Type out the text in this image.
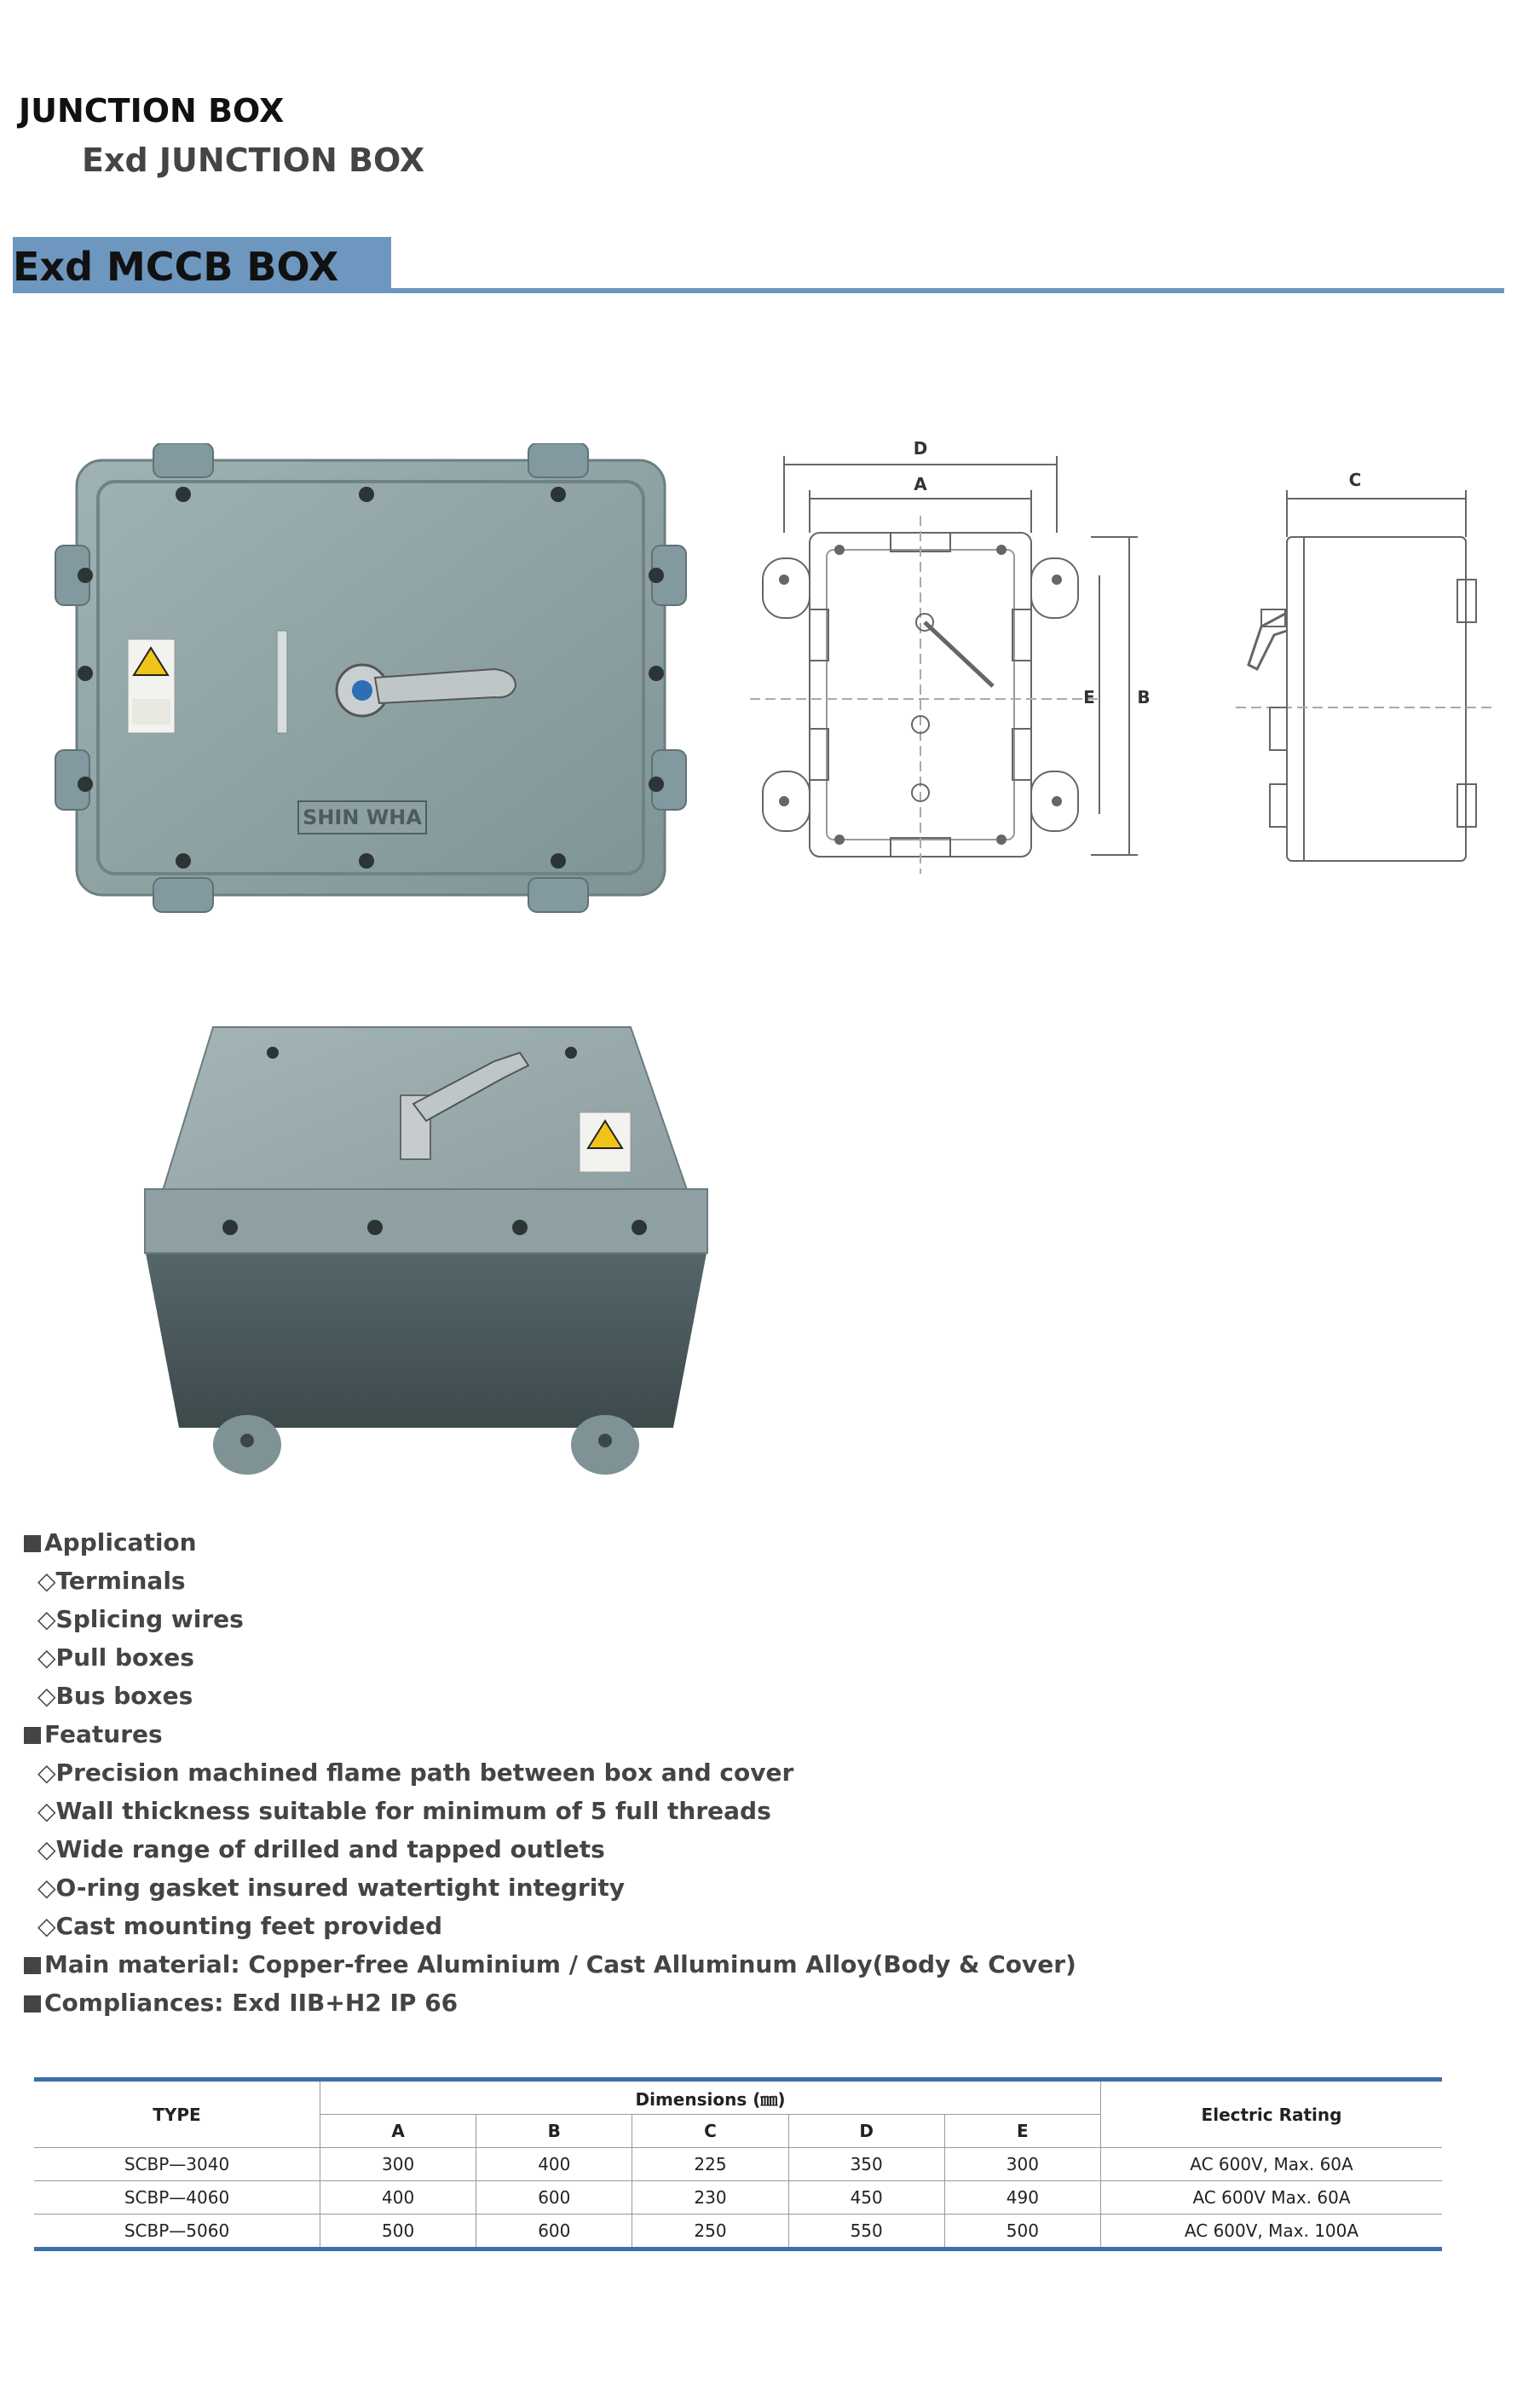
JUNCTION BOX
Exd JUNCTION BOX
Exd MCCB BOX
SHIN WHA
D
A
E B
C
Application
◇Terminals
◇Splicing wires
◇Pull boxes
◇Bus boxes
Features
◇Precision machined flame path between box and cover
◇Wall thickness suitable for minimum of 5 full threads
◇Wide range of drilled and tapped outlets
◇O-ring gasket insured watertight integrity
◇Cast mounting feet provided
Main material: Copper-free Aluminium / Cast Alluminum Alloy(Body & Cover)
Compliances: Exd IIB+H2 IP 66
TYPE	Dimensions (㎜)					Electric Rating
	A	B	C	D	E	
SCBP—3040	300	400	225	350	300	AC 600V, Max. 60A
SCBP—4060	400	600	230	450	490	AC 600V Max. 60A
SCBP—5060	500	600	250	550	500	AC 600V, Max. 100A
